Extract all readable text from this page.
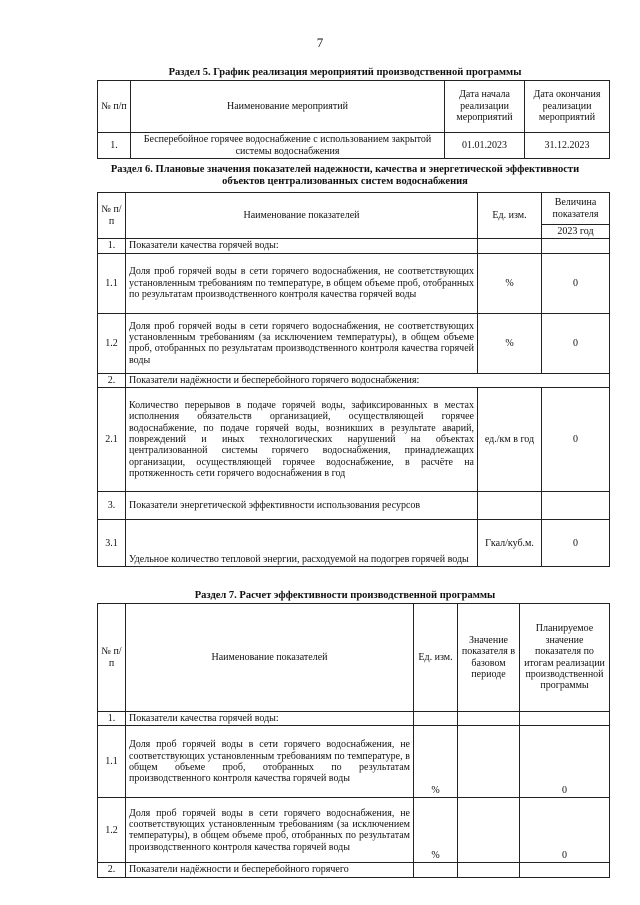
7
Раздел 5. График реализация мероприятий производственной программы
№ п/п	Наименование мероприятий	Дата начала реализации мероприятий	Дата окончания реализации мероприятий
1.	Бесперебойное горячее водоснабжение с использованием закрытой системы водоснабжения	01.01.2023	31.12.2023
Раздел 6. Плановые значения показателей надежности, качества и энергетической эффективности объектов централизованных систем водоснабжения
№ п/п	Наименование показателей	Ед. изм.	Величина показателя
			2023 год
1.	Показатели качества горячей воды:		
1.1	Доля проб горячей воды в сети горячего водоснабжения, не соответствующих установленным требованиям по температуре, в общем объеме проб, отобранных по результатам производственного контроля качества горячей воды	%	0
1.2	Доля проб горячей воды в сети горячего водоснабжения, не соответствующих установленным требованиям (за исключением температуры), в общем объеме проб, отобранных по результатам производственного контроля качества горячей воды	%	0
2.	Показатели надёжности и бесперебойного горячего водоснабжения:		
2.1	Количество перерывов в подаче горячей воды, зафиксированных в местах исполнения обязательств организацией, осуществляющей горячее водоснабжение, по подаче горячей воды, возникших в результате аварий, повреждений и иных технологических нарушений на объектах централизованной системы горячего водоснабжения, принадлежащих организации, осуществляющей горячее водоснабжение, в расчёте на протяженность сети горячего водоснабжения в год	ед./км в год	0
3.	Показатели энергетической эффективности использования ресурсов		
3.1	Удельное количество тепловой энергии, расходуемой на подогрев горячей воды	Гкал/куб.м.	0
Раздел 7. Расчет эффективности производственной программы
№ п/п	Наименование показателей	Ед. изм.	Значение показателя в базовом периоде	Планируемое значение показателя по итогам реализации производственной программы
1.	Показатели качества горячей воды:			
1.1	Доля проб горячей воды в сети горячего водоснабжения, не соответствующих установленным требованиям по температуре, в общем объеме проб, отобранных по результатам производственного контроля качества горячей воды	%		0
1.2	Доля проб горячей воды в сети горячего водоснабжения, не соответствующих установленным требованиям (за исключением температуры), в общем объеме проб, отобранных по результатам производственного контроля качества горячей воды	%		0
2.	Показатели надёжности и бесперебойного горячего			
